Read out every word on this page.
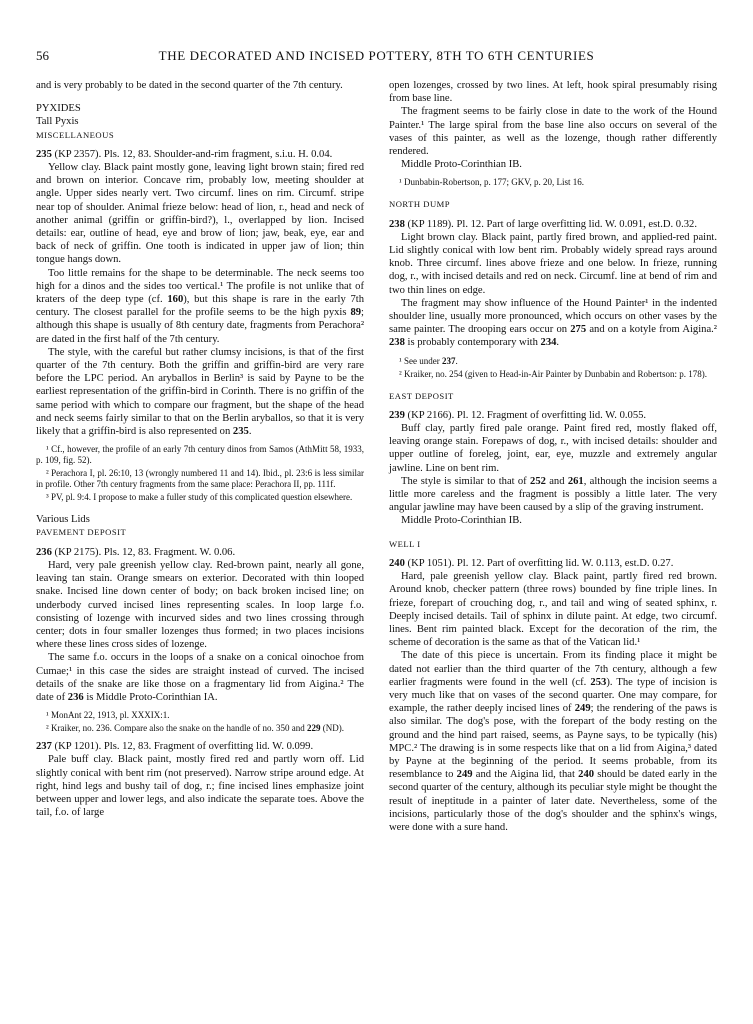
56	THE DECORATED AND INCISED POTTERY, 8TH TO 6TH CENTURIES

and is very probably to be dated in the second quarter of the 7th century.

PYXIDES

Tall Pyxis

MISCELLANEOUS

235 (KP 2357). Pls. 12, 83. Shoulder-and-rim fragment, s.i.u. H. 0.04.

Yellow clay. Black paint mostly gone, leaving light brown stain; fired red and brown on interior. Concave rim, probably low, meeting shoulder at angle. Upper sides nearly vert. Two circumf. lines on rim. Circumf. stripe near top of shoulder. Animal frieze below: head of lion, r., head and neck of another animal (griffin or griffin-bird?), l., overlapped by lion. Incised details: ear, outline of head, eye and brow of lion; jaw, beak, eye, ear and back of neck of griffin. One tooth is indicated in upper jaw of lion; thin tongue hangs down.

Too little remains for the shape to be determinable. The neck seems too high for a dinos and the sides too vertical.¹ The profile is not unlike that of kraters of the deep type (cf. 160), but this shape is rare in the early 7th century. The closest parallel for the profile seems to be the high pyxis 89; although this shape is usually of 8th century date, fragments from Perachora² are dated in the first half of the 7th century.

The style, with the careful but rather clumsy incisions, is that of the first quarter of the 7th century. Both the griffin and griffin-bird are very rare before the LPC period. An aryballos in Berlin³ is said by Payne to be the earliest representation of the griffin-bird in Corinth. There is no griffin of the same period with which to compare our fragment, but the shape of the head and neck seems fairly similar to that on the Berlin aryballos, so that it is very likely that a griffin-bird is also represented on 235.

¹ Cf., however, the profile of an early 7th century dinos from Samos (AthMitt 58, 1933, p. 109, fig. 52).

² Perachora I, pl. 26:10, 13 (wrongly numbered 11 and 14). Ibid., pl. 23:6 is less similar in profile. Other 7th century fragments from the same place: Perachora II, pp. 111f.

³ PV, pl. 9:4. I propose to make a fuller study of this complicated question elsewhere.

Various Lids

PAVEMENT DEPOSIT

236 (KP 2175). Pls. 12, 83. Fragment. W. 0.06.

Hard, very pale greenish yellow clay. Red-brown paint, nearly all gone, leaving tan stain. Orange smears on exterior. Decorated with thin looped snake. Incised line down center of body; on back broken incised line; on underbody curved incised lines representing scales. In loop large f.o. consisting of lozenge with incurved sides and two lines crossing through center; dots in four smaller lozenges thus formed; in two places incisions where these lines cross sides of lozenge.

The same f.o. occurs in the loops of a snake on a conical oinochoe from Cumae;¹ in this case the sides are straight instead of curved. The incised details of the snake are like those on a fragmentary lid from Aigina.² The date of 236 is Middle Proto-Corinthian IA.

¹ MonAnt 22, 1913, pl. XXXIX:1.

² Kraiker, no. 236. Compare also the snake on the handle of no. 350 and 229 (ND).

237 (KP 1201). Pls. 12, 83. Fragment of overfitting lid. W. 0.099.

Pale buff clay. Black paint, mostly fired red and partly worn off. Lid slightly conical with bent rim (not preserved). Narrow stripe around edge. At right, hind legs and bushy tail of dog, r.; fine incised lines emphasize joint between upper and lower legs, and also indicate the separate toes. Above the tail, f.o. of large

open lozenges, crossed by two lines. At left, hook spiral presumably rising from base line.

The fragment seems to be fairly close in date to the work of the Hound Painter.¹ The large spiral from the base line also occurs on several of the vases of this painter, as well as the lozenge, though rather differently rendered.

Middle Proto-Corinthian IB.

¹ Dunbabin-Robertson, p. 177; GKV, p. 20, List 16.

NORTH DUMP

238 (KP 1189). Pl. 12. Part of large overfitting lid. W. 0.091, est.D. 0.32.

Light brown clay. Black paint, partly fired brown, and applied-red paint. Lid slightly conical with low bent rim. Probably widely spread rays around knob. Three circumf. lines above frieze and one below. In frieze, running dog, r., with incised details and red on neck. Circumf. line at bend of rim and two thin lines on edge.

The fragment may show influence of the Hound Painter¹ in the indented shoulder line, usually more pronounced, which occurs on other vases by the same painter. The drooping ears occur on 275 and on a kotyle from Aigina.² 238 is probably contemporary with 234.

¹ See under 237.

² Kraiker, no. 254 (given to Head-in-Air Painter by Dunbabin and Robertson: p. 178).

EAST DEPOSIT

239 (KP 2166). Pl. 12. Fragment of overfitting lid. W. 0.055.

Buff clay, partly fired pale orange. Paint fired red, mostly flaked off, leaving orange stain. Forepaws of dog, r., with incised details: shoulder and upper outline of foreleg, joint, ear, eye, muzzle and extremely angular jawline. Line on bent rim.

The style is similar to that of 252 and 261, although the incision seems a little more careless and the fragment is possibly a little later. The very angular jawline may have been caused by a slip of the graving instrument.

Middle Proto-Corinthian IB.

WELL I

240 (KP 1051). Pl. 12. Part of overfitting lid. W. 0.113, est.D. 0.27.

Hard, pale greenish yellow clay. Black paint, partly fired red brown. Around knob, checker pattern (three rows) bounded by fine triple lines. In frieze, forepart of crouching dog, r., and tail and wing of seated sphinx, r. Deeply incised details. Tail of sphinx in dilute paint. At edge, two circumf. lines. Bent rim painted black. Except for the decoration of the rim, the scheme of decoration is the same as that of the Vatican lid.¹

The date of this piece is uncertain. From its finding place it might be dated not earlier than the third quarter of the 7th century, although a few earlier fragments were found in the well (cf. 253). The type of incision is very much like that on vases of the second quarter. One may compare, for example, the rather deeply incised lines of 249; the rendering of the paws is also similar. The dog's pose, with the forepart of the body resting on the ground and the hind part raised, seems, as Payne says, to be typically (his) MPC.² The drawing is in some respects like that on a lid from Aigina,³ dated by Payne at the beginning of the period. It seems probable, from its resemblance to 249 and the Aigina lid, that 240 should be dated early in the second quarter of the century, although its peculiar style might be thought the result of ineptitude in a painter of later date. Nevertheless, some of the incisions, particularly those of the dog's shoulder and the sphinx's wings, were done with a sure hand.
